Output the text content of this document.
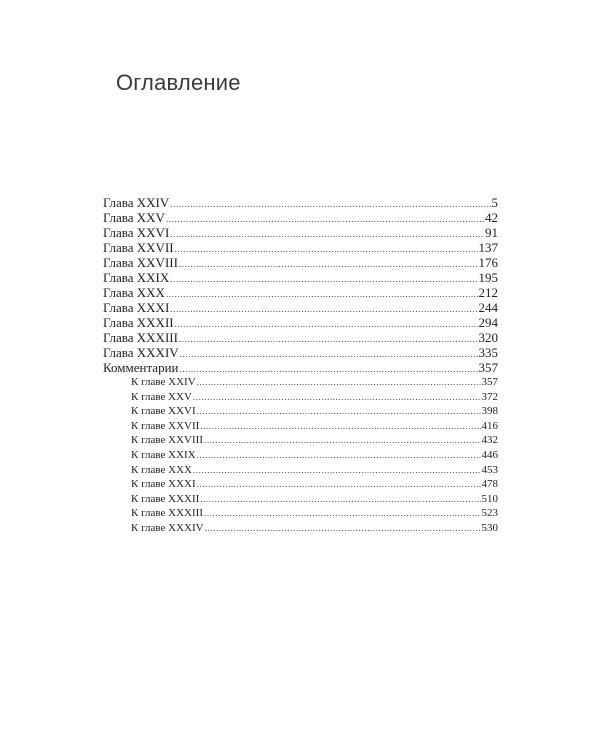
Оглавление
Глава XXIV .....	5
Глава XXV .....	42
Глава XXVI .....	91
Глава XXVII .....	137
Глава XXVIII .....	176
Глава XXIX .....	195
Глава XXX .....	212
Глава XXXI .....	244
Глава XXXII .....	294
Глава XXXIII .....	320
Глава XXXIV .....	335
Комментарии .....	357
К главе XXIV .....	357
К главе XXV .....	372
К главе XXVI .....	398
К главе XXVII .....	416
К главе XXVIII .....	432
К главе XXIX .....	446
К главе XXX .....	453
К главе XXXI .....	478
К главе XXXII .....	510
К главе XXXIII .....	523
К главе XXXIV .....	530
